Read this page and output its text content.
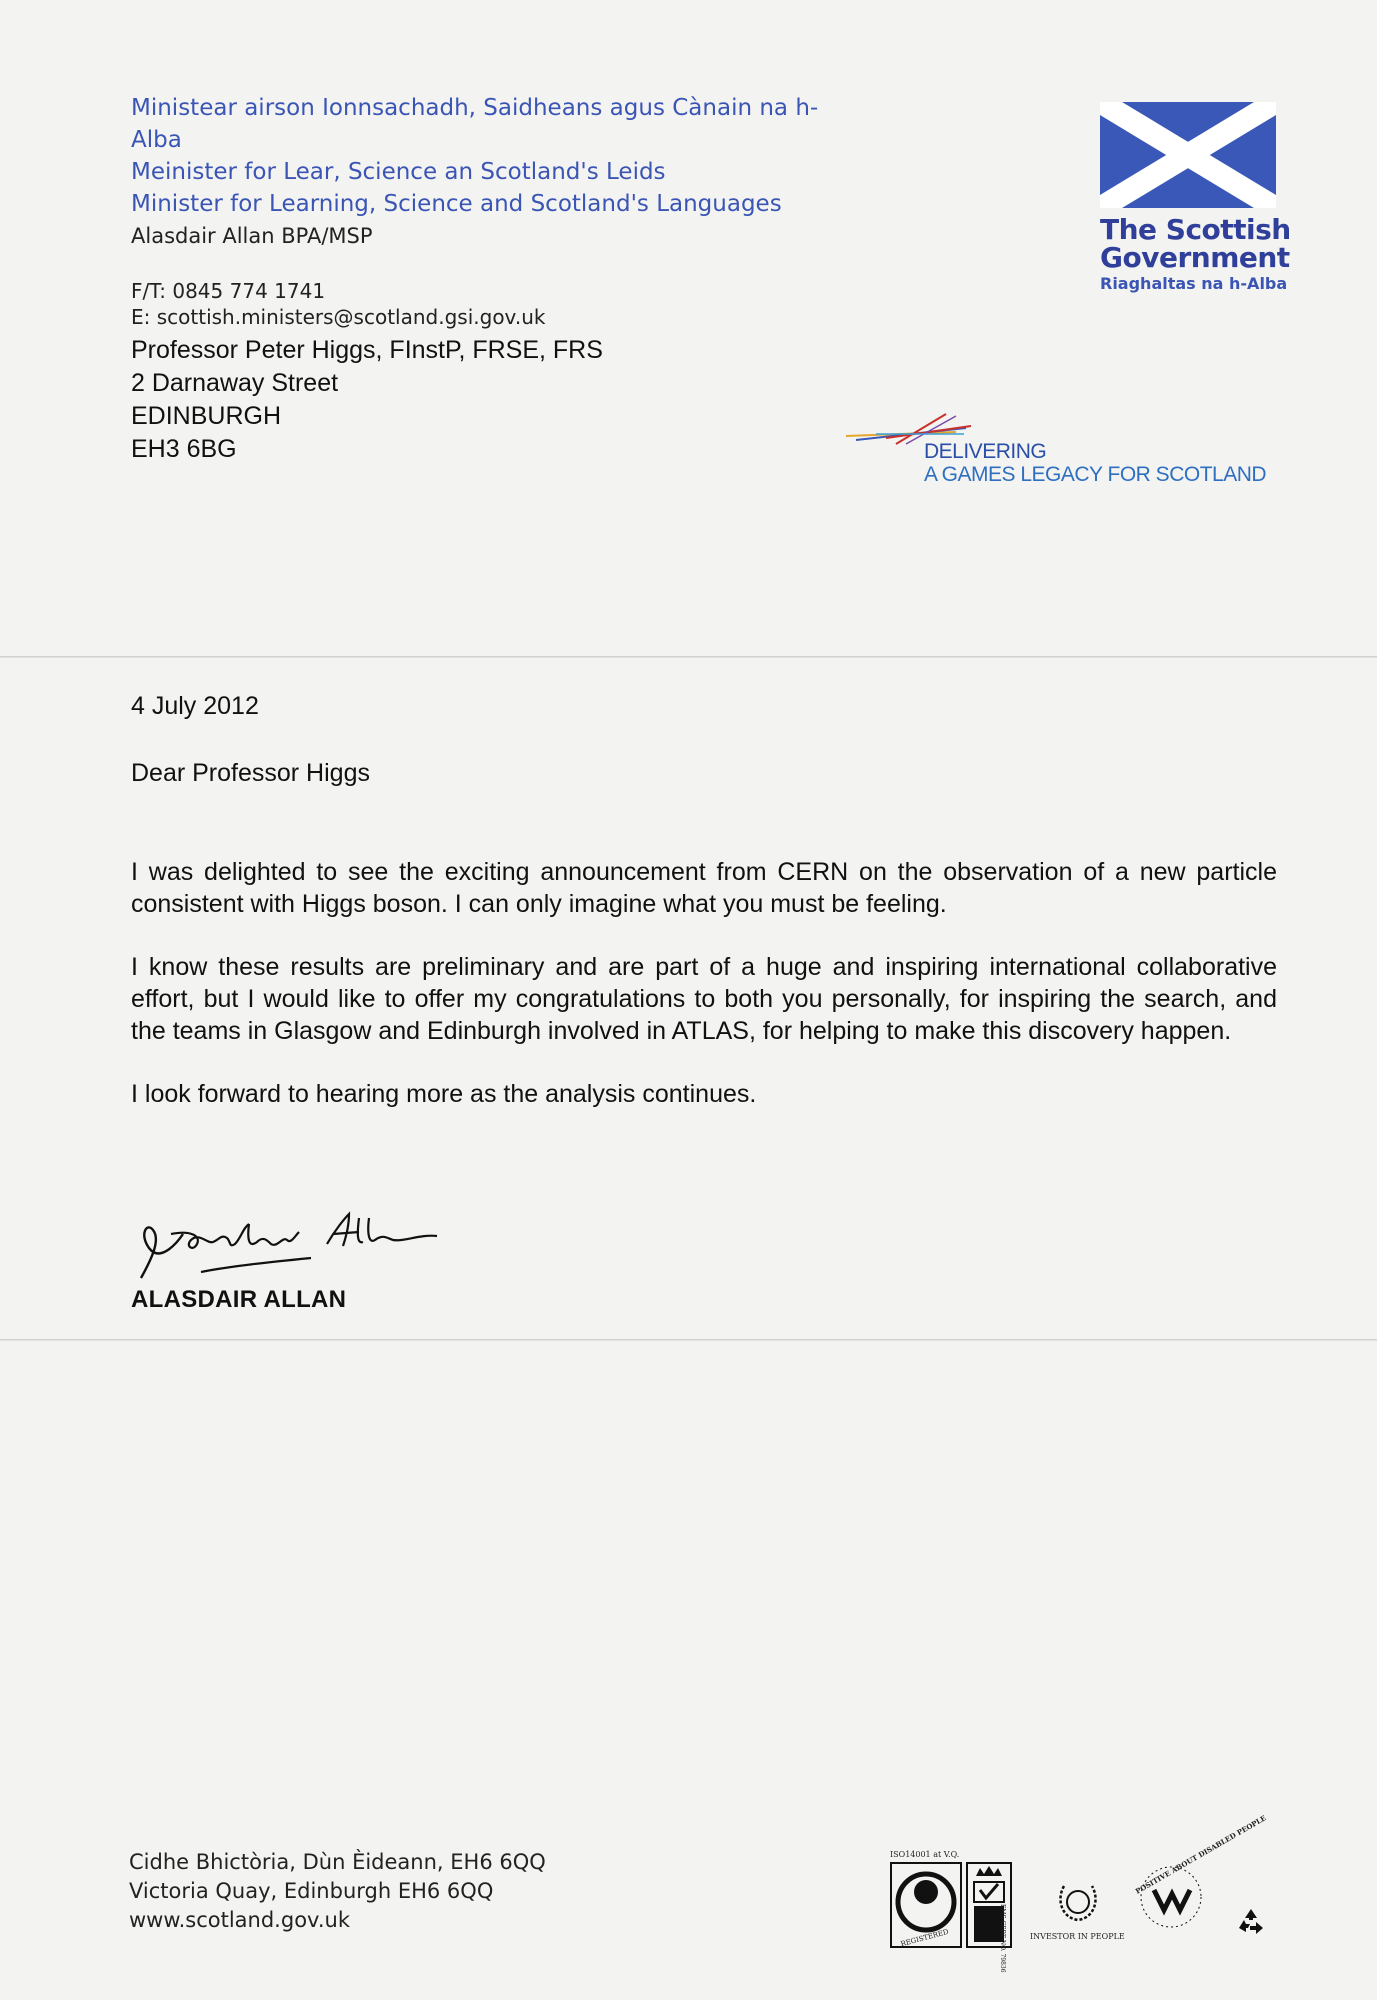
Ministear airson Ionnsachadh, Saidheans agus Cànain na h-
Alba
Meinister for Lear, Science an Scotland's Leids
Minister for Learning, Science and Scotland's Languages
Alasdair Allan BPA/MSP
F/T: 0845 774 1741
E: scottish.ministers@scotland.gsi.gov.uk
Professor Peter Higgs, FInstP, FRSE, FRS
2 Darnaway Street
EDINBURGH
EH3 6BG
The Scottish
Government
Riaghaltas na h-Alba
DELIVERING
A GAMES LEGACY FOR SCOTLAND
4 July 2012
Dear Professor Higgs

I was delighted to see the exciting announcement from CERN on the observation of a new particle consistent with Higgs boson. I can only imagine what you must be feeling.

I know these results are preliminary and are part of a huge and inspiring international collaborative effort, but I would like to offer my congratulations to both you personally, for inspiring the search, and the teams in Glasgow and Edinburgh involved in ATLAS, for helping to make this discovery happen.

I look forward to hearing more as the analysis continues.

ALASDAIR ALLAN
Cidhe Bhictòria, Dùn Èideann, EH6 6QQ
Victoria Quay, Edinburgh EH6 6QQ
www.scotland.gov.uk
ISO14001 at V.Q.
REGISTERED	EMS CERT NO. 79836	INVESTOR IN PEOPLE
POSITIVE ABOUT DISABLED PEOPLE
